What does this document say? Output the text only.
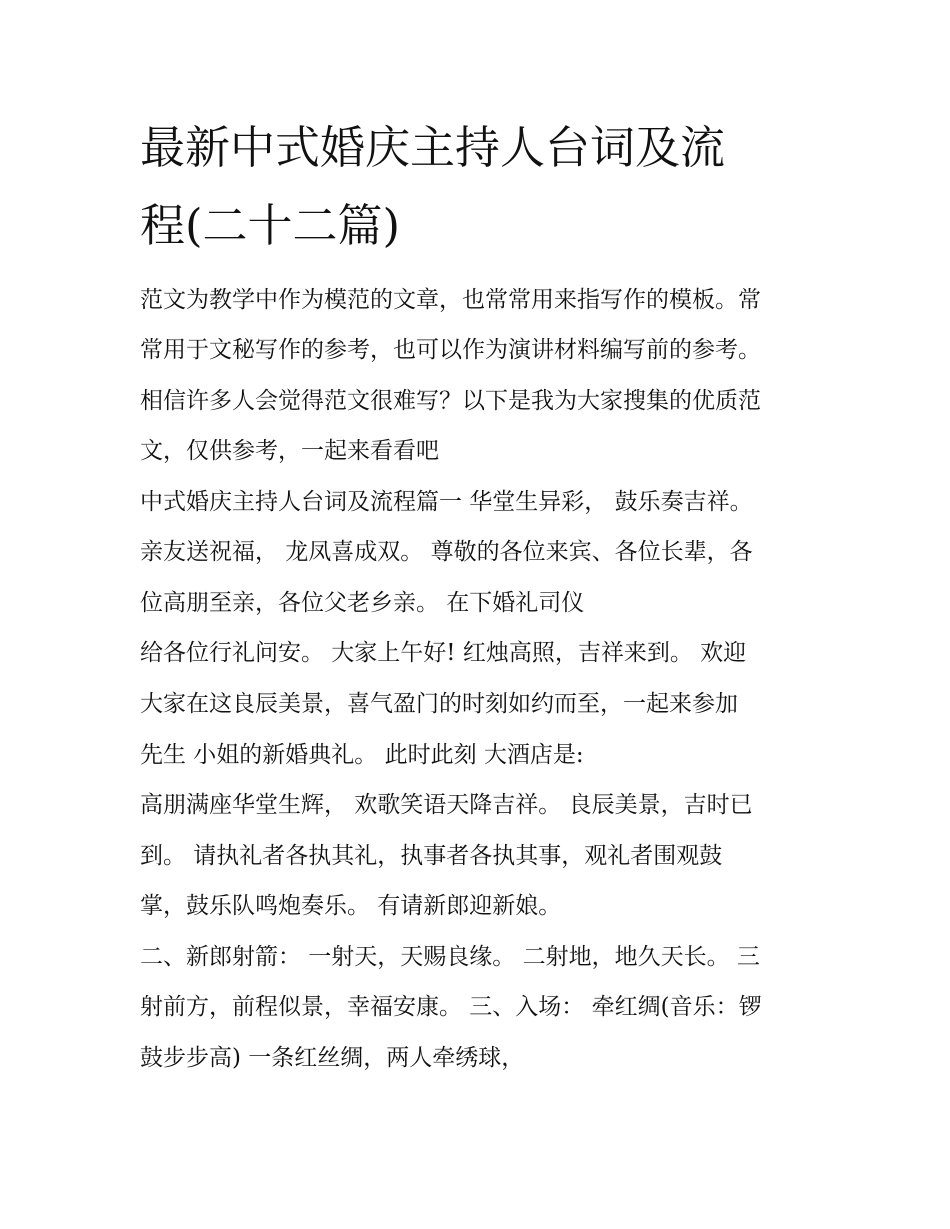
最新中式婚庆主持人台词及流
程(二十二篇)
范文为教学中作为模范的文章，也常常用来指写作的模板。常
常用于文秘写作的参考，也可以作为演讲材料编写前的参考。
相信许多人会觉得范文很难写？以下是我为大家搜集的优质范
文，仅供参考，一起来看看吧
中式婚庆主持人台词及流程篇一 华堂生异彩， 鼓乐奏吉祥。
亲友送祝福， 龙凤喜成双。 尊敬的各位来宾、各位长辈，各
位高朋至亲，各位父老乡亲。 在下婚礼司仪
给各位行礼问安。 大家上午好! 红烛高照，吉祥来到。 欢迎
大家在这良辰美景，喜气盈门的时刻如约而至，一起来参加
先生 小姐的新婚典礼。 此时此刻 大酒店是:
高朋满座华堂生辉， 欢歌笑语天降吉祥。 良辰美景，吉时已
到。 请执礼者各执其礼，执事者各执其事，观礼者围观鼓
掌，鼓乐队鸣炮奏乐。 有请新郎迎新娘。
二、新郎射箭： 一射天，天赐良缘。 二射地，地久天长。 三
射前方，前程似景，幸福安康。 三、入场： 牵红绸(音乐：锣
鼓步步高) 一条红丝绸，两人牵绣球，
